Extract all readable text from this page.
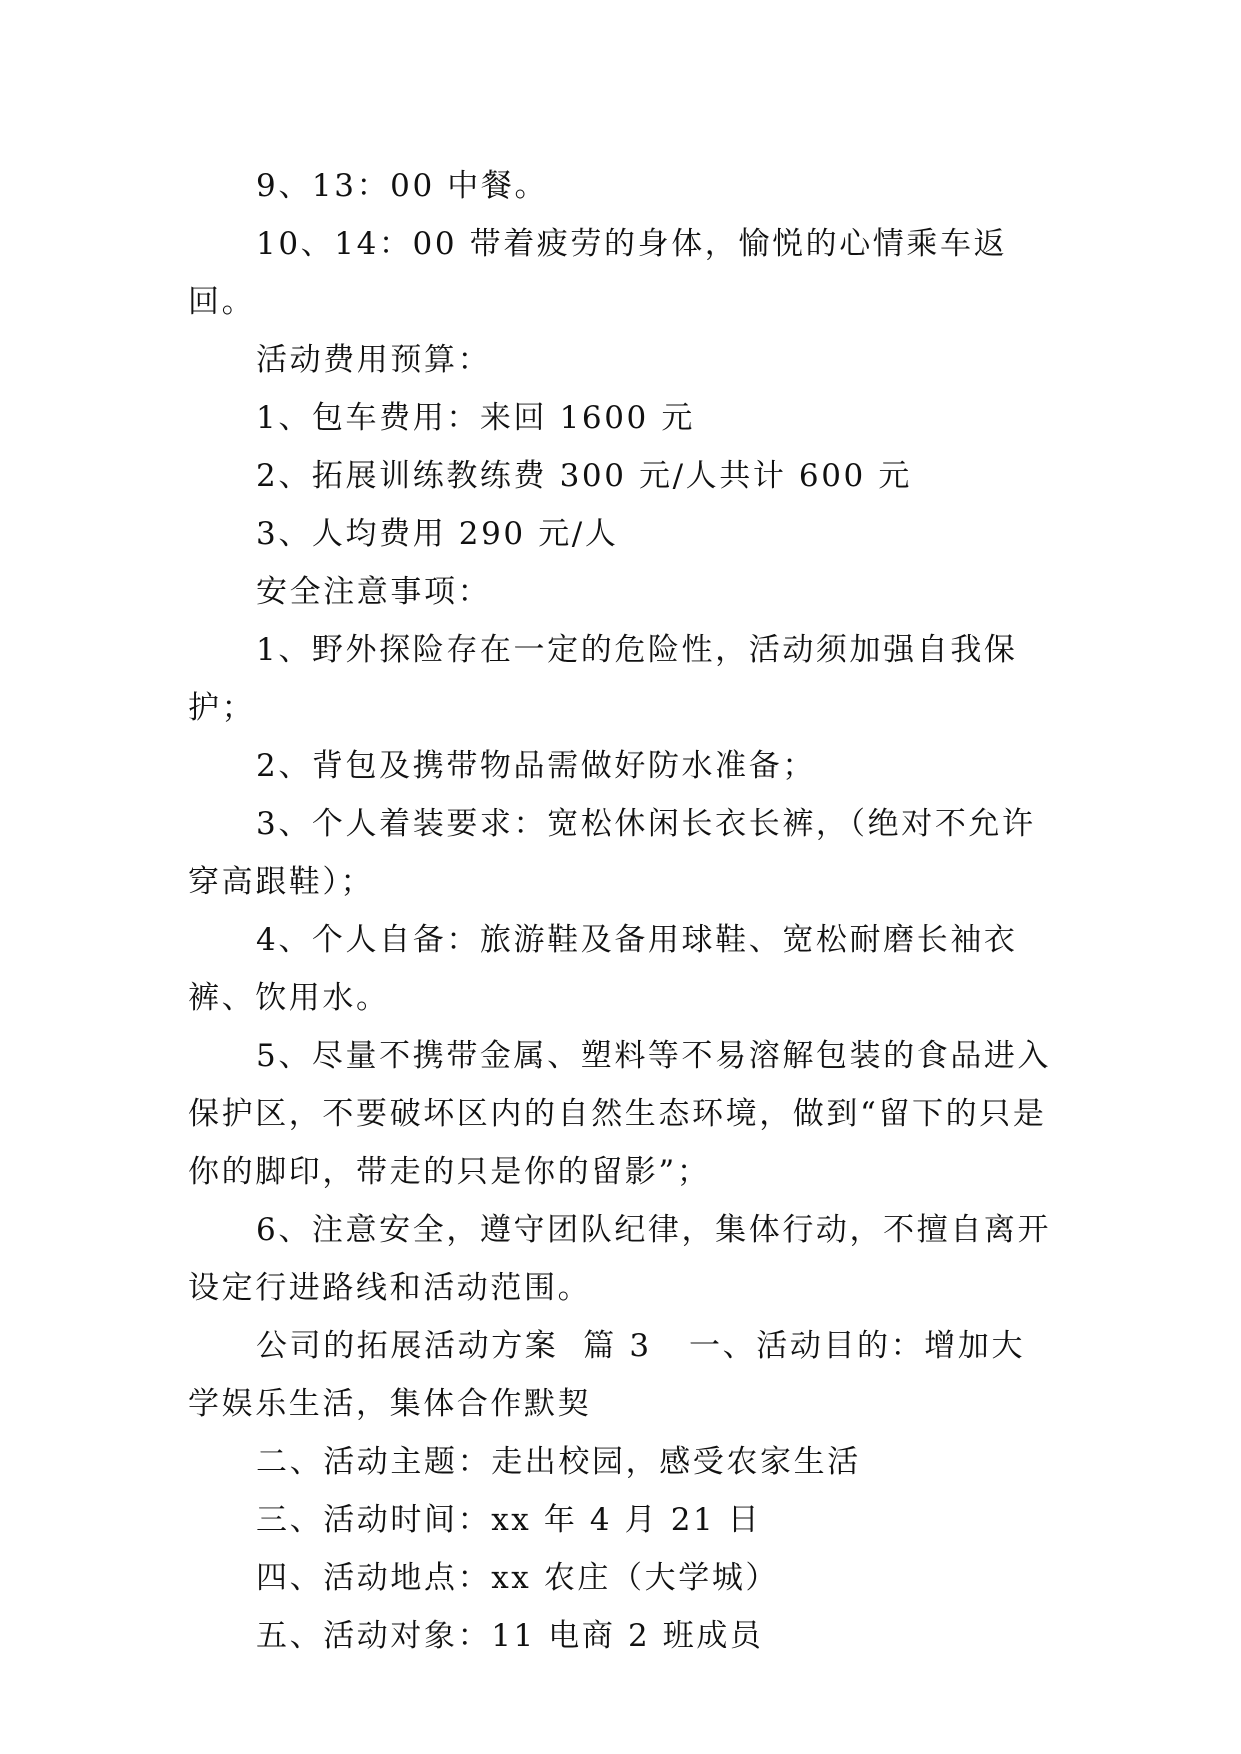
9、13：00 中餐。

10、14：00 带着疲劳的身体，愉悦的心情乘车返回。

活动费用预算：

1、包车费用：来回 1600 元

2、拓展训练教练费 300 元/人共计 600 元

3、人均费用 290 元/人

安全注意事项：

1、野外探险存在一定的危险性，活动须加强自我保护；

2、背包及携带物品需做好防水准备；

3、个人着装要求：宽松休闲长衣长裤，（绝对不允许穿高跟鞋）；

4、个人自备：旅游鞋及备用球鞋、宽松耐磨长袖衣裤、饮用水。

5、尽量不携带金属、塑料等不易溶解包装的食品进入保护区，不要破坏区内的自然生态环境，做到“留下的只是你的脚印，带走的只是你的留影”；

6、注意安全，遵守团队纪律，集体行动，不擅自离开设定行进路线和活动范围。

公司的拓展活动方案  篇 3   一、活动目的：增加大学娱乐生活，集体合作默契

二、活动主题：走出校园，感受农家生活

三、活动时间：xx 年 4 月 21 日

四、活动地点：xx 农庄（大学城）

五、活动对象：11 电商 2 班成员
